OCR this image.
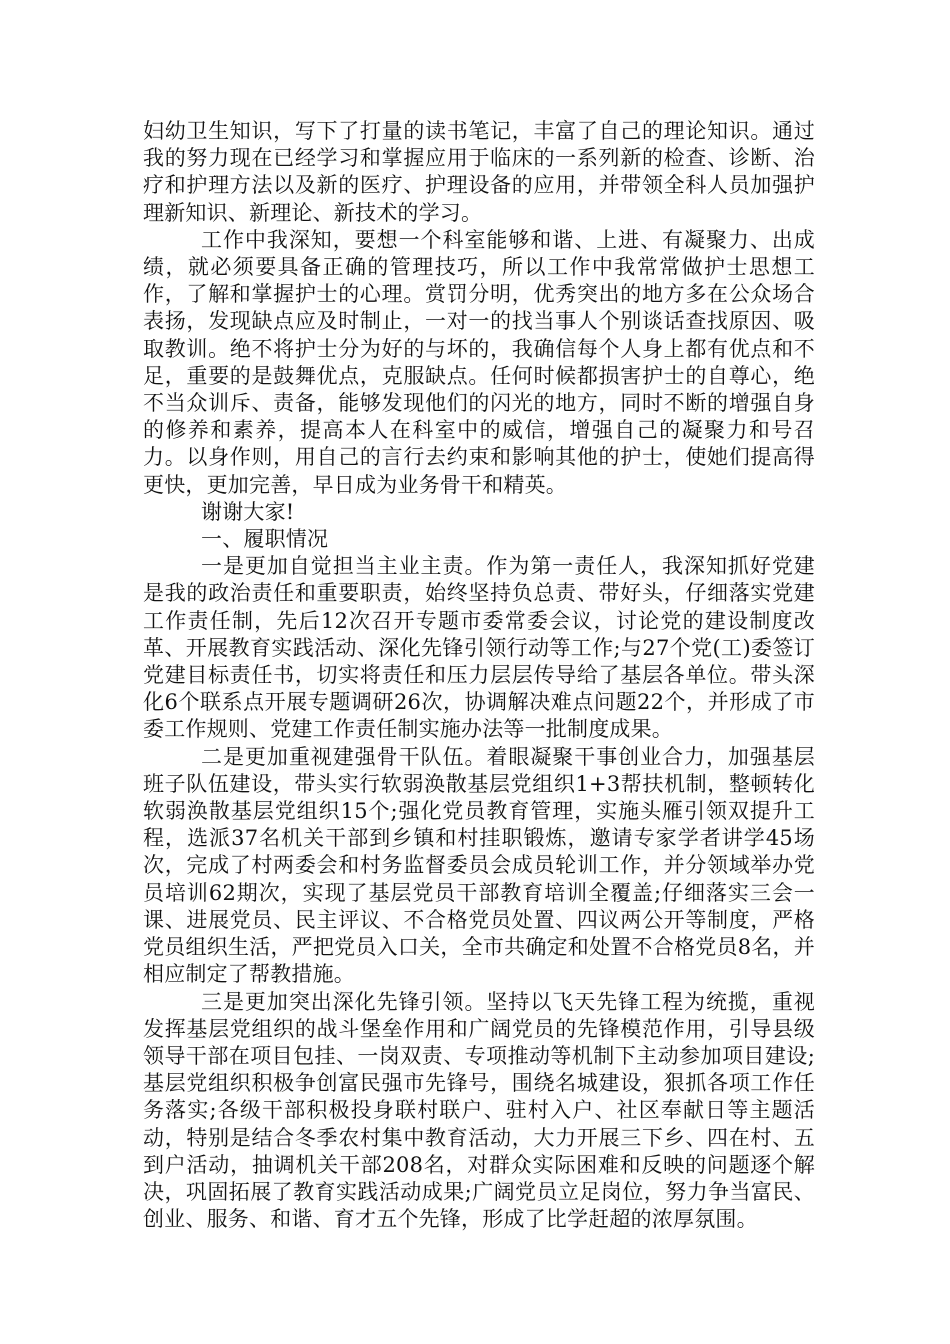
妇幼卫生知识，写下了打量的读书笔记，丰富了自己的理论知识。通过我的努力现在已经学习和掌握应用于临床的一系列新的检查、诊断、治疗和护理方法以及新的医疗、护理设备的应用，并带领全科人员加强护理新知识、新理论、新技术的学习。

工作中我深知，要想一个科室能够和谐、上进、有凝聚力、出成绩，就必须要具备正确的管理技巧，所以工作中我常常做护士思想工作，了解和掌握护士的心理。赏罚分明，优秀突出的地方多在公众场合表扬，发现缺点应及时制止，一对一的找当事人个别谈话查找原因、吸取教训。绝不将护士分为好的与坏的，我确信每个人身上都有优点和不足，重要的是鼓舞优点，克服缺点。任何时候都损害护士的自尊心，绝不当众训斥、责备，能够发现他们的闪光的地方，同时不断的增强自身的修养和素养，提高本人在科室中的威信，增强自己的凝聚力和号召力。以身作则，用自己的言行去约束和影响其他的护士，使她们提高得更快，更加完善，早日成为业务骨干和精英。

谢谢大家!

一、履职情况

一是更加自觉担当主业主责。作为第一责任人，我深知抓好党建是我的政治责任和重要职责，始终坚持负总责、带好头，仔细落实党建工作责任制，先后12次召开专题市委常委会议，讨论党的建设制度改革、开展教育实践活动、深化先锋引领行动等工作;与27个党(工)委签订党建目标责任书，切实将责任和压力层层传导给了基层各单位。带头深化6个联系点开展专题调研26次，协调解决难点问题22个，并形成了市委工作规则、党建工作责任制实施办法等一批制度成果。

二是更加重视建强骨干队伍。着眼凝聚干事创业合力，加强基层班子队伍建设，带头实行软弱涣散基层党组织1+3帮扶机制，整顿转化软弱涣散基层党组织15个;强化党员教育管理，实施头雁引领双提升工程，选派37名机关干部到乡镇和村挂职锻炼，邀请专家学者讲学45场次，完成了村两委会和村务监督委员会成员轮训工作，并分领域举办党员培训62期次，实现了基层党员干部教育培训全覆盖;仔细落实三会一课、进展党员、民主评议、不合格党员处置、四议两公开等制度，严格党员组织生活，严把党员入口关，全市共确定和处置不合格党员8名，并相应制定了帮教措施。

三是更加突出深化先锋引领。坚持以飞天先锋工程为统揽，重视发挥基层党组织的战斗堡垒作用和广阔党员的先锋模范作用，引导县级领导干部在项目包挂、一岗双责、专项推动等机制下主动参加项目建设;基层党组织积极争创富民强市先锋号，围绕名城建设，狠抓各项工作任务落实;各级干部积极投身联村联户、驻村入户、社区奉献日等主题活动，特别是结合冬季农村集中教育活动，大力开展三下乡、四在村、五到户活动，抽调机关干部208名，对群众实际困难和反映的问题逐个解决，巩固拓展了教育实践活动成果;广阔党员立足岗位，努力争当富民、创业、服务、和谐、育才五个先锋，形成了比学赶超的浓厚氛围。
